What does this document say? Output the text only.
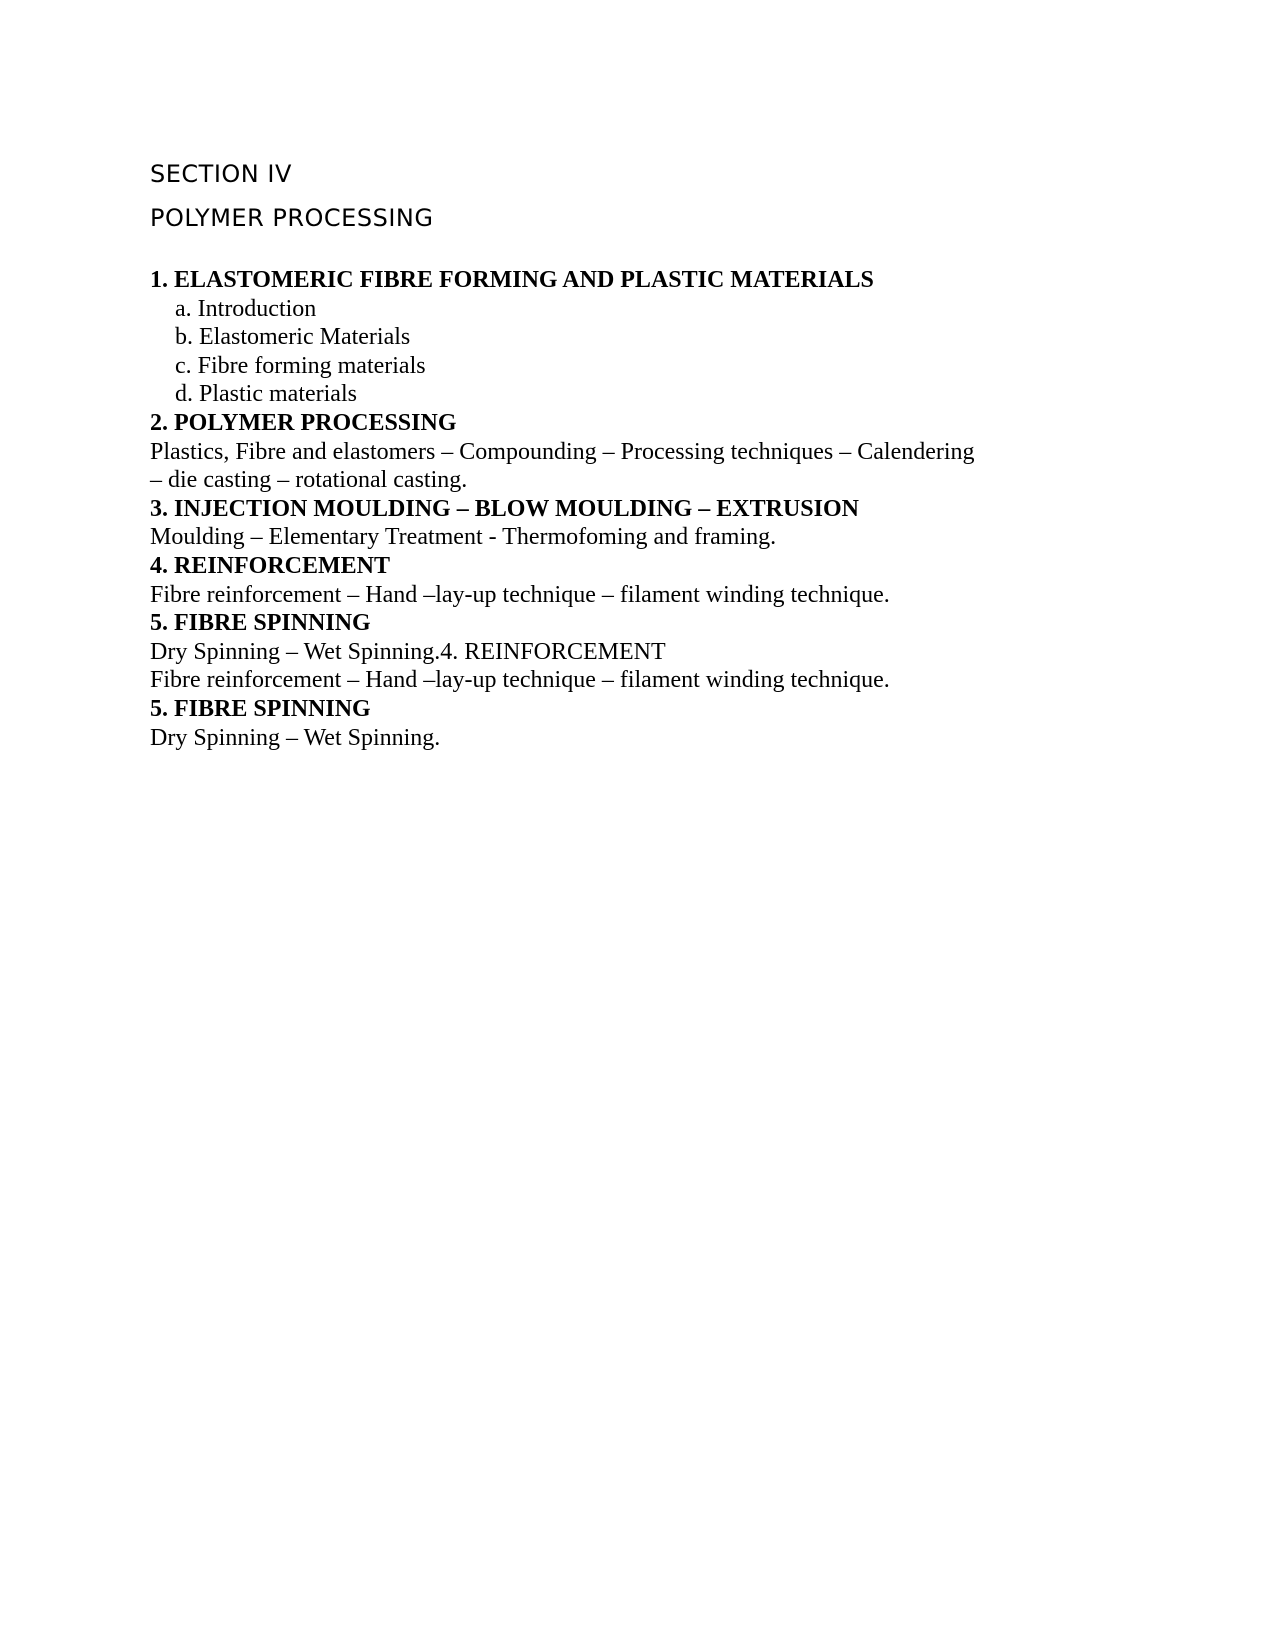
SECTION IV

POLYMER PROCESSING

1. ELASTOMERIC FIBRE FORMING AND PLASTIC MATERIALS

a. Introduction

b. Elastomeric Materials

c. Fibre forming materials

d. Plastic materials

2. POLYMER PROCESSING

Plastics, Fibre and elastomers – Compounding – Processing techniques – Calendering

– die casting – rotational casting.

3. INJECTION MOULDING – BLOW MOULDING – EXTRUSION

Moulding – Elementary Treatment - Thermofoming and framing.

4. REINFORCEMENT

Fibre reinforcement – Hand –lay-up technique – filament winding technique.

5. FIBRE SPINNING

Dry Spinning – Wet Spinning.4. REINFORCEMENT

Fibre reinforcement – Hand –lay-up technique – filament winding technique.

5. FIBRE SPINNING

Dry Spinning – Wet Spinning.
